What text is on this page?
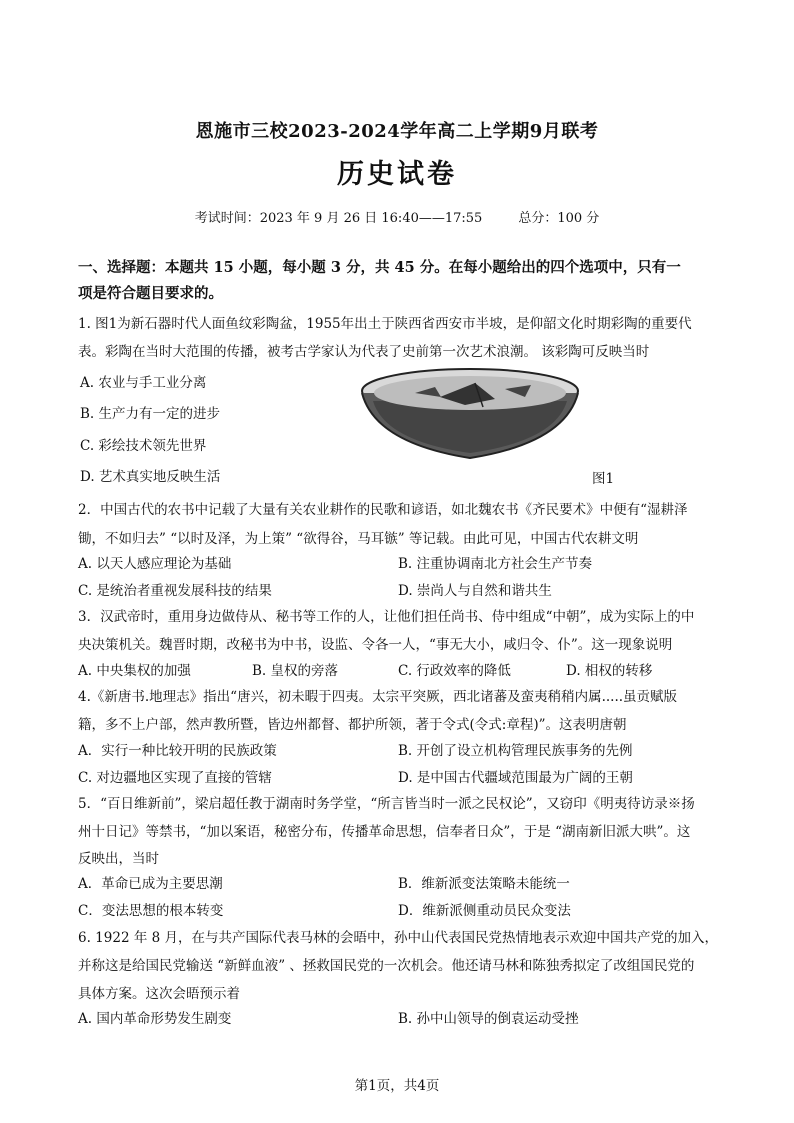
恩施市三校2023-2024学年高二上学期9月联考
历史试卷
考试时间：2023 年 9 月 26 日 16:40——17:55	总分：100 分
一、选择题：本题共 15 小题，每小题 3 分，共 45 分。在每小题给出的四个选项中，只有一
项是符合题目要求的。
1. 图1为新石器时代人面鱼纹彩陶盆，1955年出土于陕西省西安市半坡，是仰韶文化时期彩陶的重要代
表。彩陶在当时大范围的传播，被考古学家认为代表了史前第一次艺术浪潮。 该彩陶可反映当时
A. 农业与手工业分离
B. 生产力有一定的进步
C. 彩绘技术领先世界
D. 艺术真实地反映生活	图1
2．中国古代的农书中记载了大量有关农业耕作的民歌和谚语，如北魏农书《齐民要术》中便有“湿耕泽
锄，不如归去” “以时及泽，为上策” “欲得谷，马耳镞” 等记载。由此可见，中国古代农耕文明
A. 以天人感应理论为基础	B. 注重协调南北方社会生产节奏
C. 是统治者重视发展科技的结果	D. 崇尚人与自然和谐共生
3．汉武帝时，重用身边做侍从、秘书等工作的人，让他们担任尚书、侍中组成“中朝”，成为实际上的中
央决策机关。魏晋时期，改秘书为中书，设监、令各一人，“事无大小，咸归令、仆”。这一现象说明
A. 中央集权的加强	B. 皇权的旁落	C. 行政效率的降低	D. 相权的转移
4.《新唐书.地理志》指出“唐兴，初未暇于四夷。太宗平突厥，西北诸蕃及蛮夷稍稍内属.....虽贡赋版
籍，多不上户部，然声教所暨，皆边州都督、都护所领，著于令式(令式:章程)”。这表明唐朝
A．实行一种比较开明的民族政策	B. 开创了设立机构管理民族事务的先例
C. 对边疆地区实现了直接的管辖	D. 是中国古代疆域范围最为广阔的王朝
5．“百日维新前”，梁启超任教于湖南时务学堂，“所言皆当时一派之民权论”，又窃印《明夷待访录※扬
州十日记》等禁书，“加以案语，秘密分布，传播革命思想，信奉者日众”，于是 “湖南新旧派大哄”。这
反映出，当时
A．革命已成为主要思潮	B．维新派变法策略未能统一
C．变法思想的根本转变	D．维新派侧重动员民众变法
6. 1922 年 8 月，在与共产国际代表马林的会晤中，孙中山代表国民党热情地表示欢迎中国共产党的加入，
并称这是给国民党输送 “新鲜血液” 、拯救国民党的一次机会。他还请马林和陈独秀拟定了改组国民党的
具体方案。这次会晤预示着
A. 国内革命形势发生剧变	B. 孙中山领导的倒袁运动受挫
第1页，共4页
